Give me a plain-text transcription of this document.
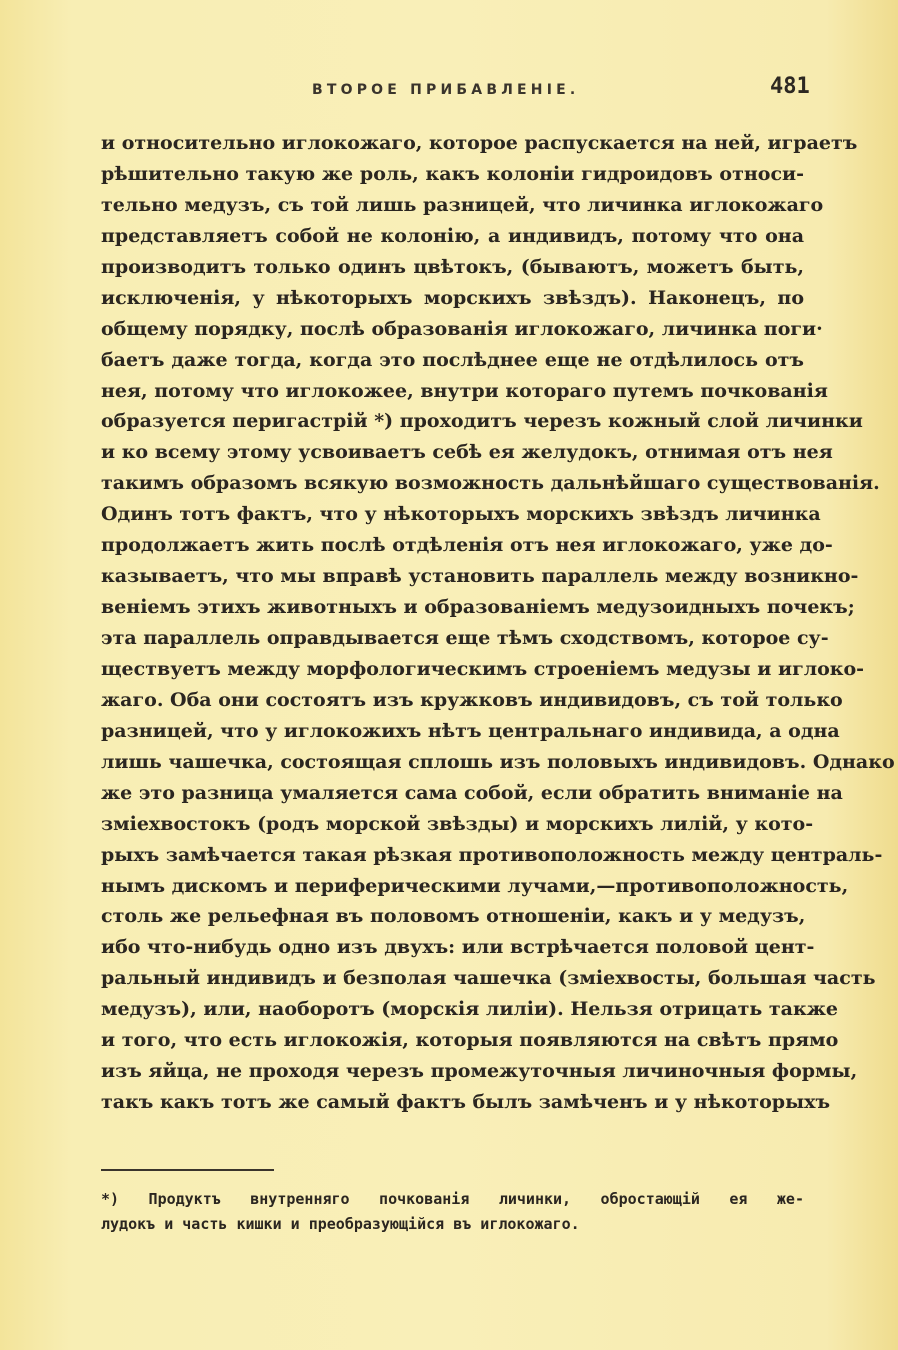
ВТОРОЕ ПРИБАВЛЕНІЕ.	481
и относительно иглокожаго, которое распускается на ней, играетъ
рѣшительно такую же роль, какъ колоніи гидроидовъ относи-
тельно медузъ, съ той лишь разницей, что личинка иглокожаго
представляетъ собой не колонію, а индивидъ, потому что она
производитъ только одинъ цвѣтокъ, (бываютъ, можетъ быть,
исключенія, у нѣкоторыхъ морскихъ звѣздъ). Наконецъ, по
общему порядку, послѣ образованія иглокожаго, личинка поги·
баетъ даже тогда, когда это послѣднее еще не отдѣлилось отъ
нея, потому что иглокожее, внутри котораго путемъ почкованія
образуется перигастрій *) проходитъ черезъ кожный слой личинки
и ко всему этому усвоиваетъ себѣ ея желудокъ, отнимая отъ нея
такимъ образомъ всякую возможность дальнѣйшаго существованія.
Одинъ тотъ фактъ, что у нѣкоторыхъ морскихъ звѣздъ личинка
продолжаетъ жить послѣ отдѣленія отъ нея иглокожаго, уже до-
казываетъ, что мы вправѣ установить параллель между возникно-
веніемъ этихъ животныхъ и образованіемъ медузоидныхъ почекъ;
эта параллель оправдывается еще тѣмъ сходствомъ, которое су-
ществуетъ между морфологическимъ строеніемъ медузы и иглоко-
жаго. Оба они состоятъ изъ кружковъ индивидовъ, съ той только
разницей, что у иглокожихъ нѣтъ центральнаго индивида, а одна
лишь чашечка, состоящая сплошь изъ половыхъ индивидовъ. Однако
же это разница умаляется сама собой, если обратить вниманіе на
зміехвостокъ (родъ морской звѣзды) и морскихъ лилій, у кото-
рыхъ замѣчается такая рѣзкая противоположность между централь-
нымъ дискомъ и периферическими лучами,—противоположность,
столь же рельефная въ половомъ отношеніи, какъ и у медузъ,
ибо что-нибудь одно изъ двухъ: или встрѣчается половой цент-
ральный индивидъ и безполая чашечка (зміехвосты, большая часть
медузъ), или, наоборотъ (морскія лиліи). Нельзя отрицать также
и того, что есть иглокожія, которыя появляются на свѣтъ прямо
изъ яйца, не проходя черезъ промежуточныя личиночныя формы,
такъ какъ тотъ же самый фактъ былъ замѣченъ и у нѣкоторыхъ
*) Продуктъ внутренняго почкованія личинки, обростающій ея же-
лудокъ и часть кишки и преобразующійся въ иглокожаго.
